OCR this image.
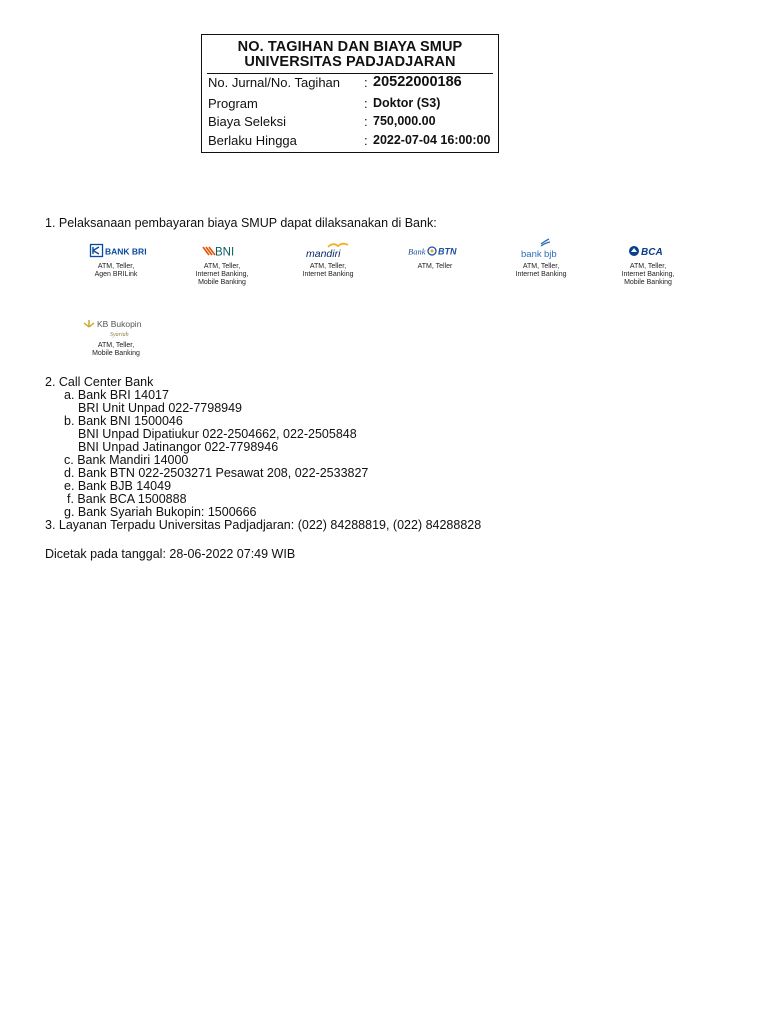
NO. TAGIHAN DAN BIAYA SMUP
UNIVERSITAS PADJADJARAN
No. Jurnal/No. Tagihan : 20522000186
Program	: Doktor (S3)
Biaya Seleksi	: 750,000.00
Berlaku Hingga	: 2022-07-04 16:00:00
1. Pelaksanaan pembayaran biaya SMUP dapat dilaksanakan di Bank:
BANK BRI
ATM, Teller,
Agen BRILink
BNI
ATM, Teller,
Internet Banking,
Mobile Banking
mandiri
ATM, Teller,
Internet Banking
Bank BTN
ATM, Teller
bank bjb
ATM, Teller,
Internet Banking
BCA
ATM, Teller,
Internet Banking,
Mobile Banking
KB Bukopin
Syariah
ATM, Teller,
Mobile Banking
2. Call Center Bank
a. Bank BRI 14017
BRI Unit Unpad 022-7798949
b. Bank BNI 1500046
BNI Unpad Dipatiukur 022-2504662, 022-2505848
BNI Unpad Jatinangor 022-7798946
c. Bank Mandiri 14000
d. Bank BTN 022-2503271 Pesawat 208, 022-2533827
e. Bank BJB 14049
f. Bank BCA 1500888
g. Bank Syariah Bukopin: 1500666
3. Layanan Terpadu Universitas Padjadjaran: (022) 84288819, (022) 84288828
Dicetak pada tanggal: 28-06-2022 07:49 WIB
